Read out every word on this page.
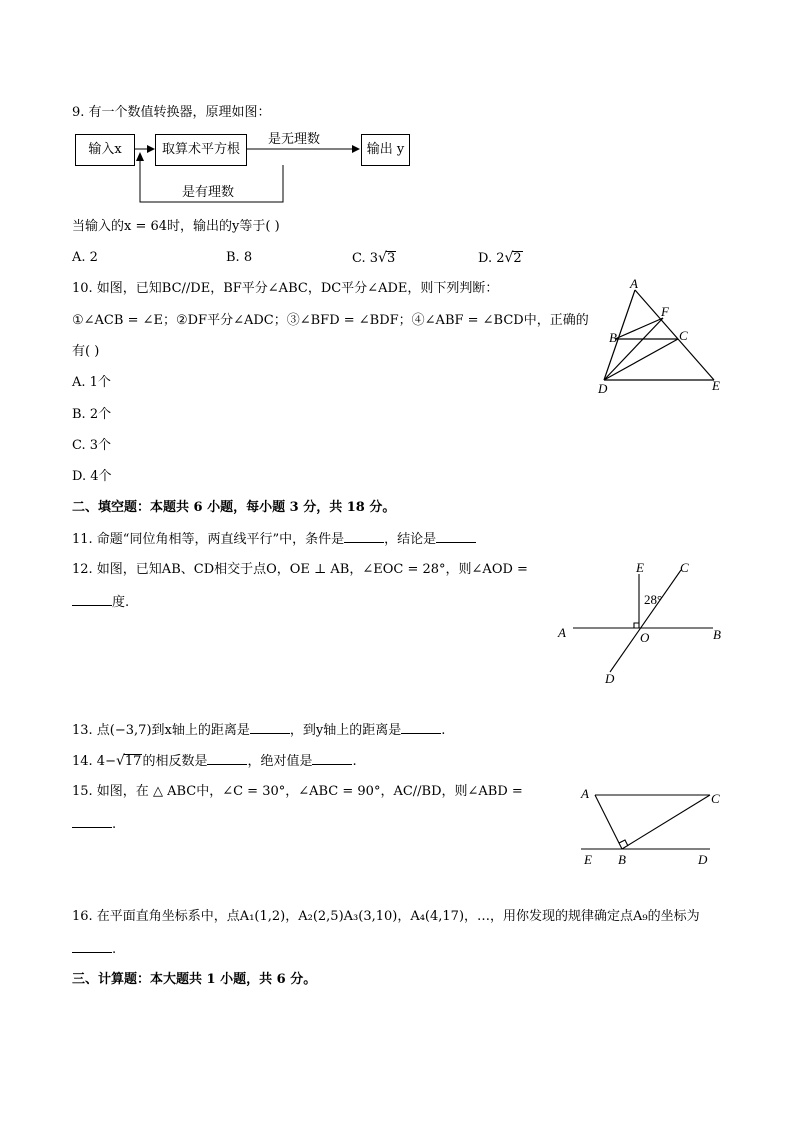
9. 有一个数值转换器，原理如图：
输入x	取算术平方根	输出 y
是无理数
是有理数
当输入的x = 64时，输出的y等于( )
A. 2	B. 8	C. 3√3	D. 2√2
10. 如图，已知BC//DE，BF平分∠ABC，DC平分∠ADE，则下列判断：
①∠ACB = ∠E；②DF平分∠ADC；③∠BFD = ∠BDF；④∠ABF = ∠BCD中，正确的
有( )
A. 1个
B. 2个
C. 3个
D. 4个
A
F
B	C
D	E
二、填空题：本题共 6 小题，每小题 3 分，共 18 分。
11. 命题“同位角相等，两直线平行”中，条件是	，结论是
12. 如图，已知AB、CD相交于点O，OE ⊥ AB，∠EOC = 28°，则∠AOD =
度.
E	C
28°
A	O	B
D
13. 点(−3,7)到x轴上的距离是	，到y轴上的距离是	.
14. 4−√17的相反数是	，绝对值是	.
15. 如图，在 △ ABC中，∠C = 30°，∠ABC = 90°，AC//BD，则∠ABD =
.
A	C
E B	D
16. 在平面直角坐标系中，点A₁(1,2)，A₂(2,5)A₃(3,10)，A₄(4,17)，…，用你发现的规律确定点A₉的坐标为
.
三、计算题：本大题共 1 小题，共 6 分。
